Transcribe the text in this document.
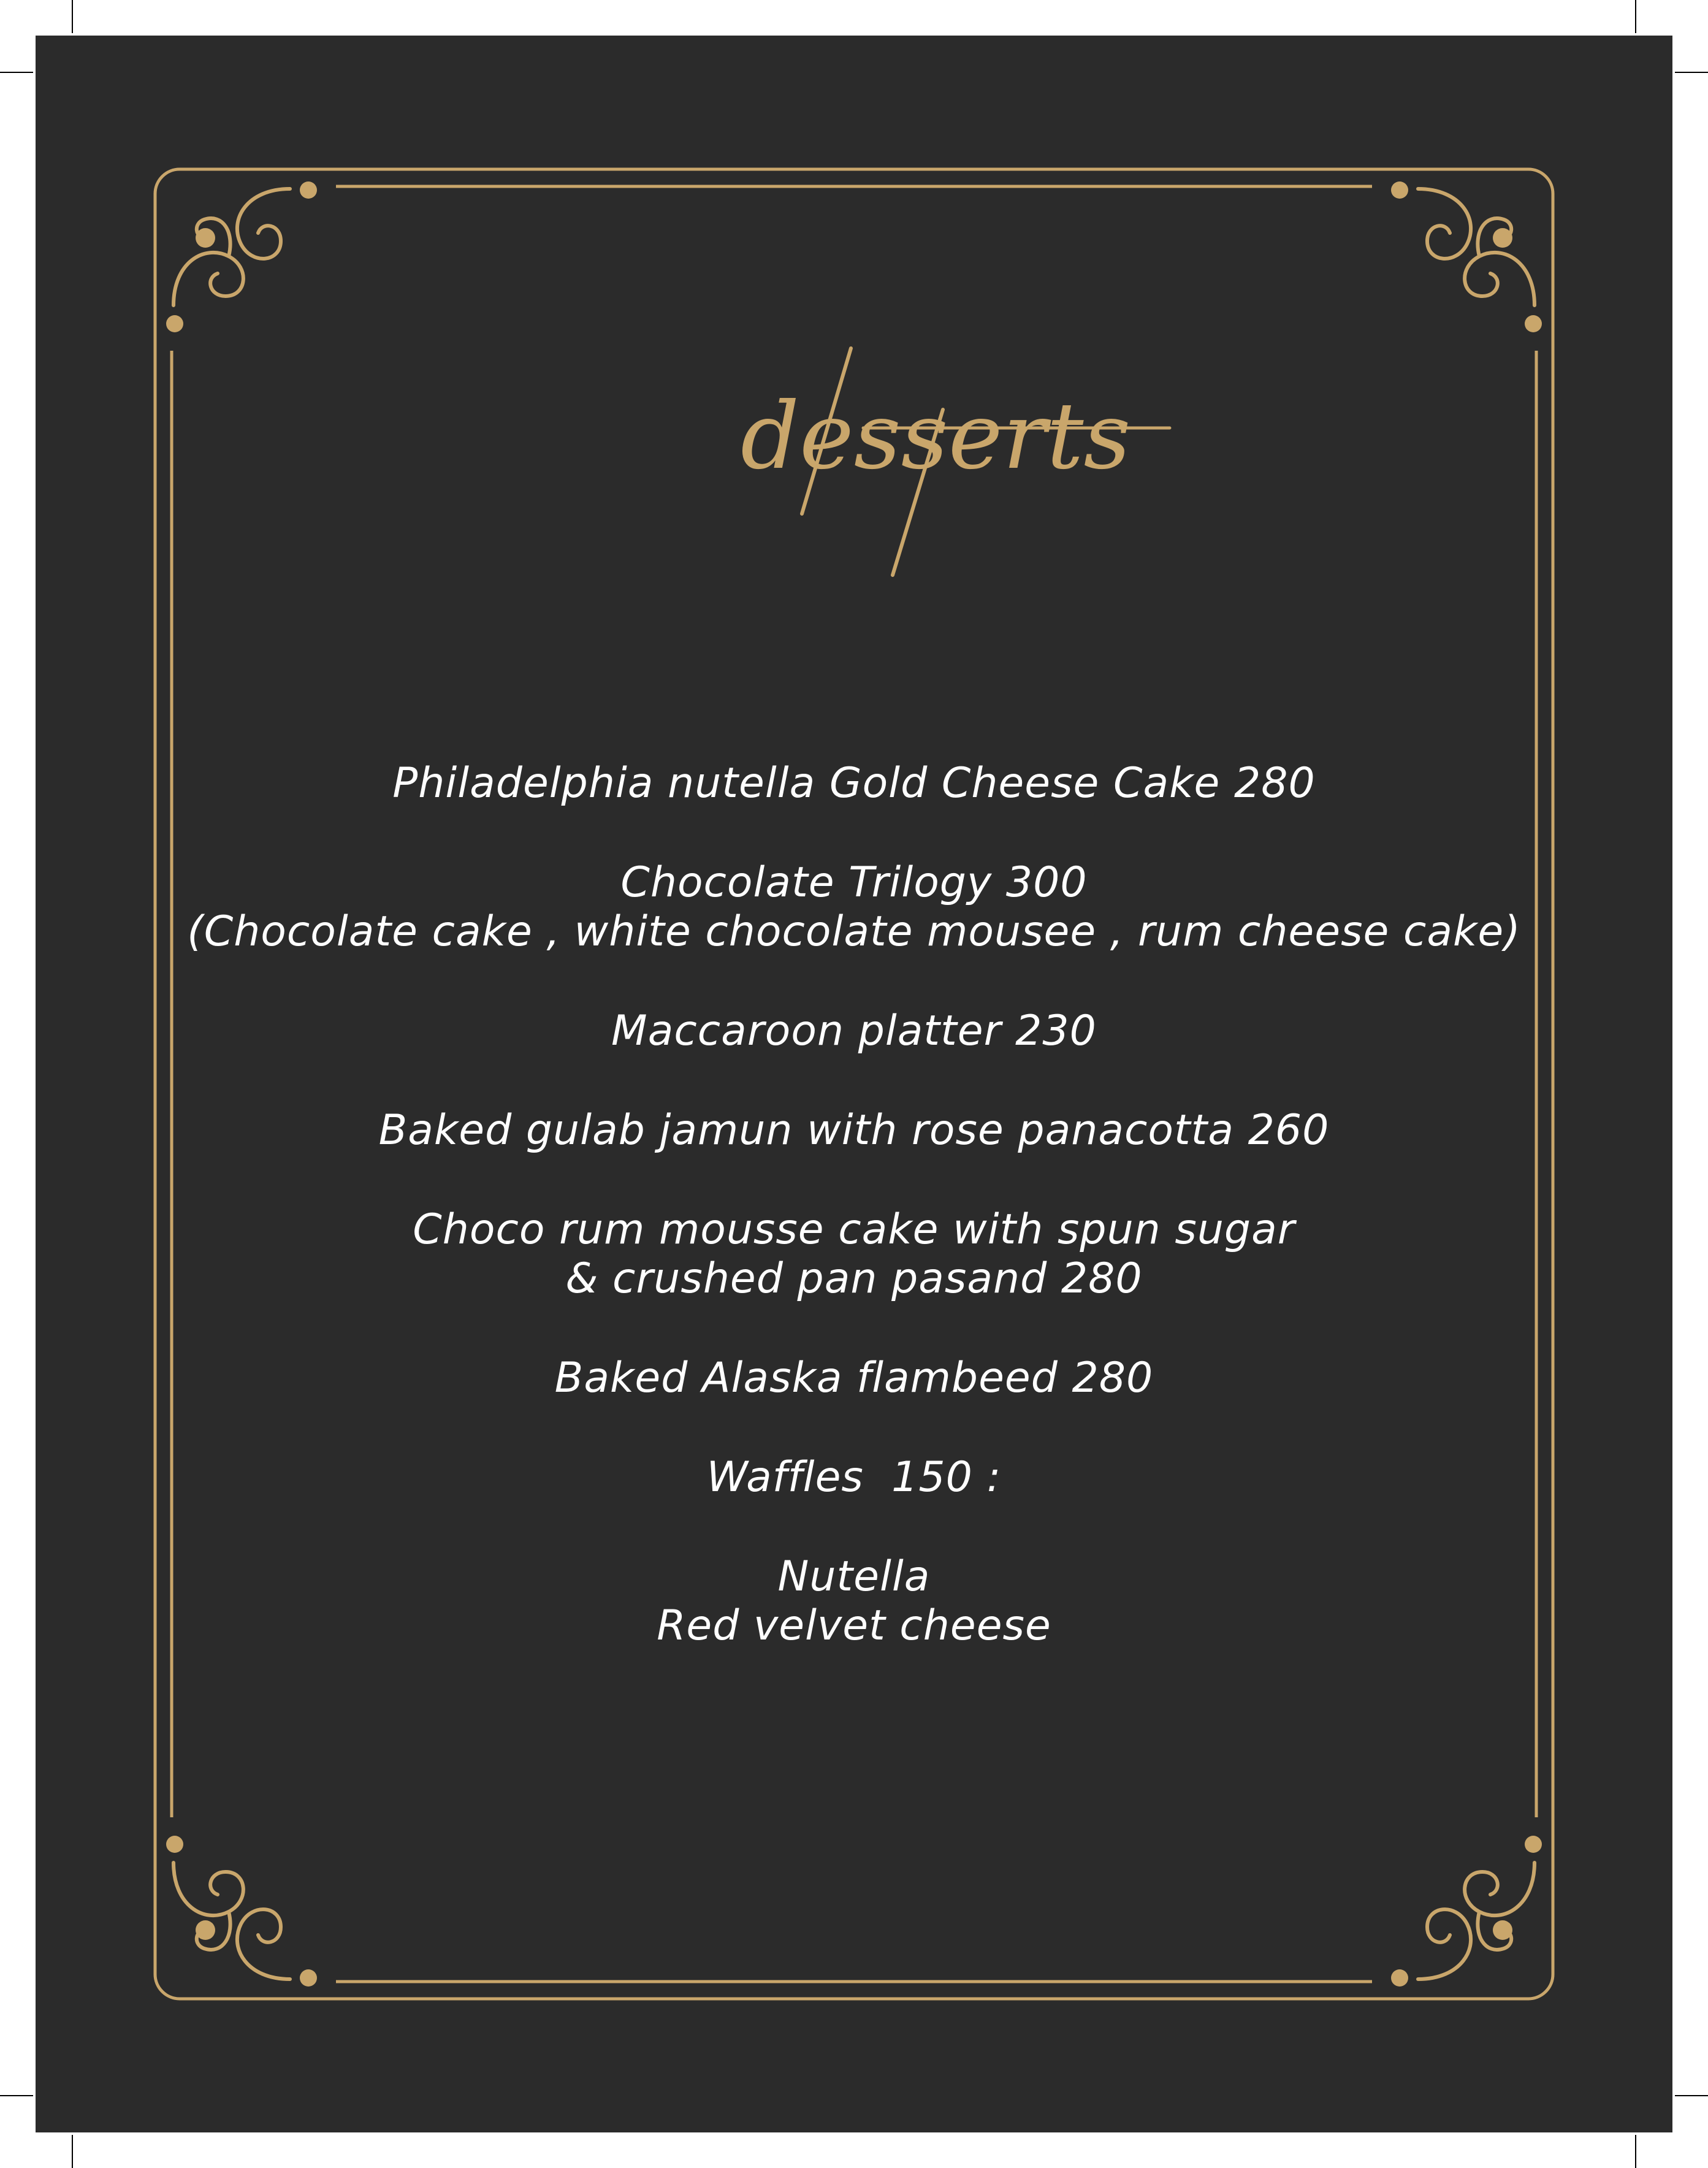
desserts
Philadelphia nutella Gold Cheese Cake 280
Chocolate Trilogy 300
(Chocolate cake , white chocolate mousee , rum cheese cake)
Maccaroon platter 230
Baked gulab jamun with rose panacotta 260
Choco rum mousse cake with spun sugar
& crushed pan pasand 280
Baked Alaska flambeed 280
Waffles  150 :
Nutella
Red velvet cheese
